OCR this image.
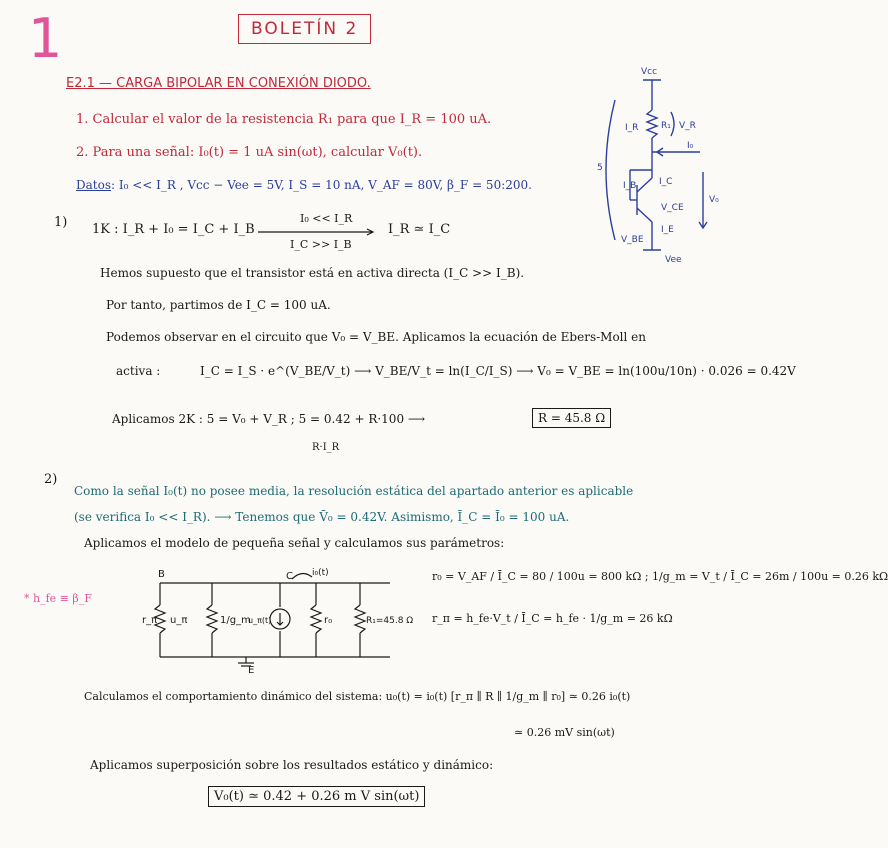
1	BOLETÍN 2
E2.1 — CARGA BIPOLAR EN CONEXIÓN DIODO.
1. Calcular el valor de la resistencia R₁ para que I_R = 100 uA.
2. Para una señal: I₀(t) = 1 uA sin(ωt), calcular V₀(t).
Datos: I₀ << I_R , Vcc − Vee = 5V, I_S = 10 nA, V_AF = 80V, β_F = 50:200.
Vcc
Vee
5
I_R	R₁ V_R
I₀
I_B	I_C
V_CE
V₀
V_BE
I_E
1) 1K : I_R + I₀ = I_C + I_B
I₀ << I_R
I_C >> I_B
I_R ≃ I_C
Hemos supuesto que el transistor está en activa directa (I_C >> I_B).
Por tanto, partimos de I_C = 100 uA.
Podemos observar en el circuito que V₀ = V_BE. Aplicamos la ecuación de Ebers-Moll en
activa :	I_C = I_S · e^(V_BE/V_t) ⟶ V_BE/V_t = ln(I_C/I_S) ⟶ V₀ = V_BE = ln(100u/10n) · 0.026 = 0.42V
Aplicamos 2K : 5 = V₀ + V_R ; 5 = 0.42 + R·100 ⟶
R·I_R
R = 45.8 Ω
2)
Como la señal I₀(t) no posee media, la resolución estática del apartado anterior es aplicable
(se verifica I₀ << I_R). ⟶ Tenemos que V̄₀ = 0.42V. Asimismo, Ī_C = Ī₀ = 100 uA.
Aplicamos el modelo de pequeña señal y calculamos sus parámetros:
* h_fe ≡ β_F
B	C
E
i₀(t)
r_π u_π	1/g_m
u_π(t)	r₀	R₁=45.8 Ω
r₀ = V_AF / Ī_C = 80 / 100u = 800 kΩ ; 1/g_m = V_t / Ī_C = 26m / 100u = 0.26 kΩ
r_π = h_fe·V_t / Ī_C = h_fe · 1/g_m = 26 kΩ
Calculamos el comportamiento dinámico del sistema: u₀(t) = i₀(t) [r_π ∥ R ∥ 1/g_m ∥ r₀] ≃ 0.26 i₀(t)
≃ 0.26 mV sin(ωt)
Aplicamos superposición sobre los resultados estático y dinámico:
V₀(t) ≃ 0.42 + 0.26 m V sin(ωt)
